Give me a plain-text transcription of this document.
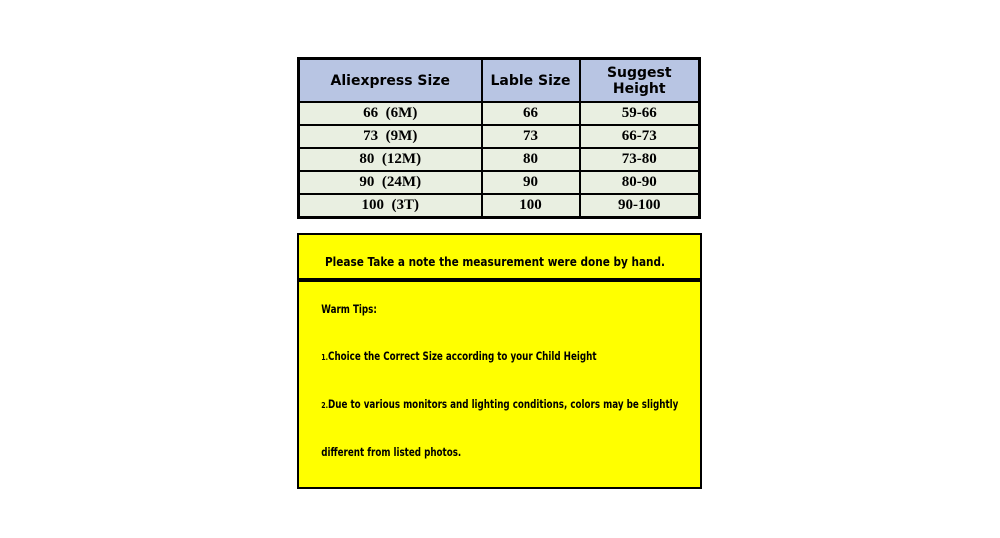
Aliexpress Size	Lable Size	Suggest Height
66  (6M)	66	59-66
73  (9M)	73	66-73
80  (12M)	80	73-80
90  (24M)	90	80-90
100  (3T)	100	90-100

Please Take a note the measurement were done by hand.

Warm Tips:

1.Choice the Correct Size according to your Child Height

2.Due to various monitors and lighting conditions, colors may be slightly

different from listed photos.
